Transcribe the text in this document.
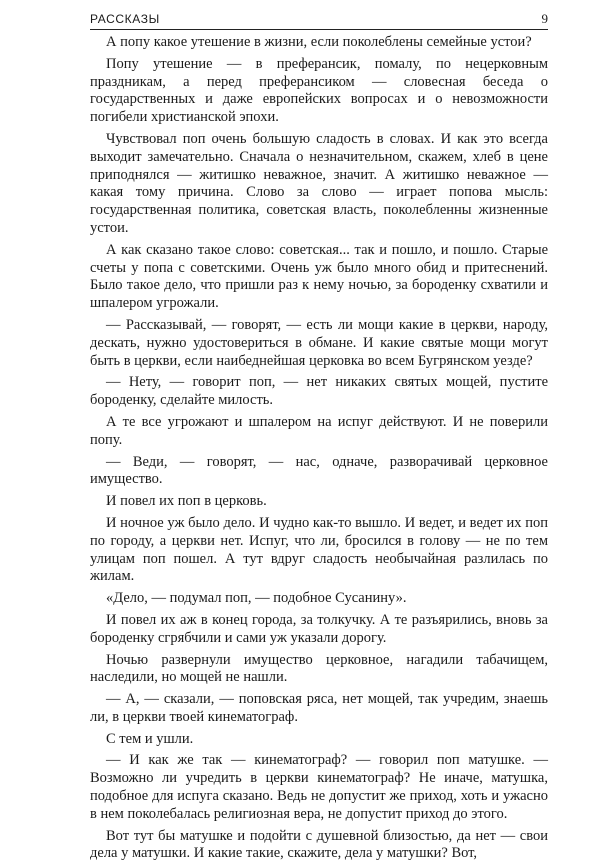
РАССКАЗЫ	9

А попу какое утешение в жизни, если поколеблены семейные устои?

Попу утешение — в преферансик, помалу, по нецерковным праздникам, а перед преферансиком — словесная беседа о государственных и даже европейских вопросах и о невозможности погибели христианской эпохи.

Чувствовал поп очень большую сладость в словах. И как это всегда выходит замечательно. Сначала о незначительном, скажем, хлеб в цене приподнялся — житишко неважное, значит. А житишко неважное — какая тому причина. Слово за слово — играет попова мысль: государственная политика, советская власть, поколебленны жизненные устои.

А как сказано такое слово: советская... так и пошло, и пошло. Старые счеты у попа с советскими. Очень уж было много обид и притеснений. Было такое дело, что пришли раз к нему ночью, за бороденку схватили и шпалером угрожали.

— Рассказывай, — говорят, — есть ли мощи какие в церкви, народу, дескать, нужно удостовериться в обмане. И какие святые мощи могут быть в церкви, если наибеднейшая церковка во всем Бугрянском уезде?

— Нету, — говорит поп, — нет никаких святых мощей, пустите бороденку, сделайте милость.

А те все угрожают и шпалером на испуг действуют. И не поверили попу.

— Веди, — говорят, — нас, одначе, разворачивай церковное имущество.

И повел их поп в церковь.

И ночное уж было дело. И чудно как-то вышло. И ведет, и ведет их поп по городу, а церкви нет. Испуг, что ли, бросился в голову — не по тем улицам поп пошел. А тут вдруг сладость необычайная разлилась по жилам.

«Дело, — подумал поп, — подобное Сусанину».

И повел их аж в конец города, за толкучку. А те разъярились, вновь за бороденку сгрябчили и сами уж указали дорогу.

Ночью развернули имущество церковное, нагадили табачищем, наследили, но мощей не нашли.

— А, — сказали, — поповская ряса, нет мощей, так учредим, знаешь ли, в церкви твоей кинематограф.

С тем и ушли.

— И как же так — кинематограф? — говорил поп матушке. — Возможно ли учредить в церкви кинематограф? Не иначе, матушка, подобное для испуга сказано. Ведь не допустит же приход, хоть и ужасно в нем поколебалась религиозная вера, не допустит приход до этого.

Вот тут бы матушке и подойти с душевной близостью, да нет — свои дела у матушки. И какие такие, скажите, дела у матушки? Вот,
